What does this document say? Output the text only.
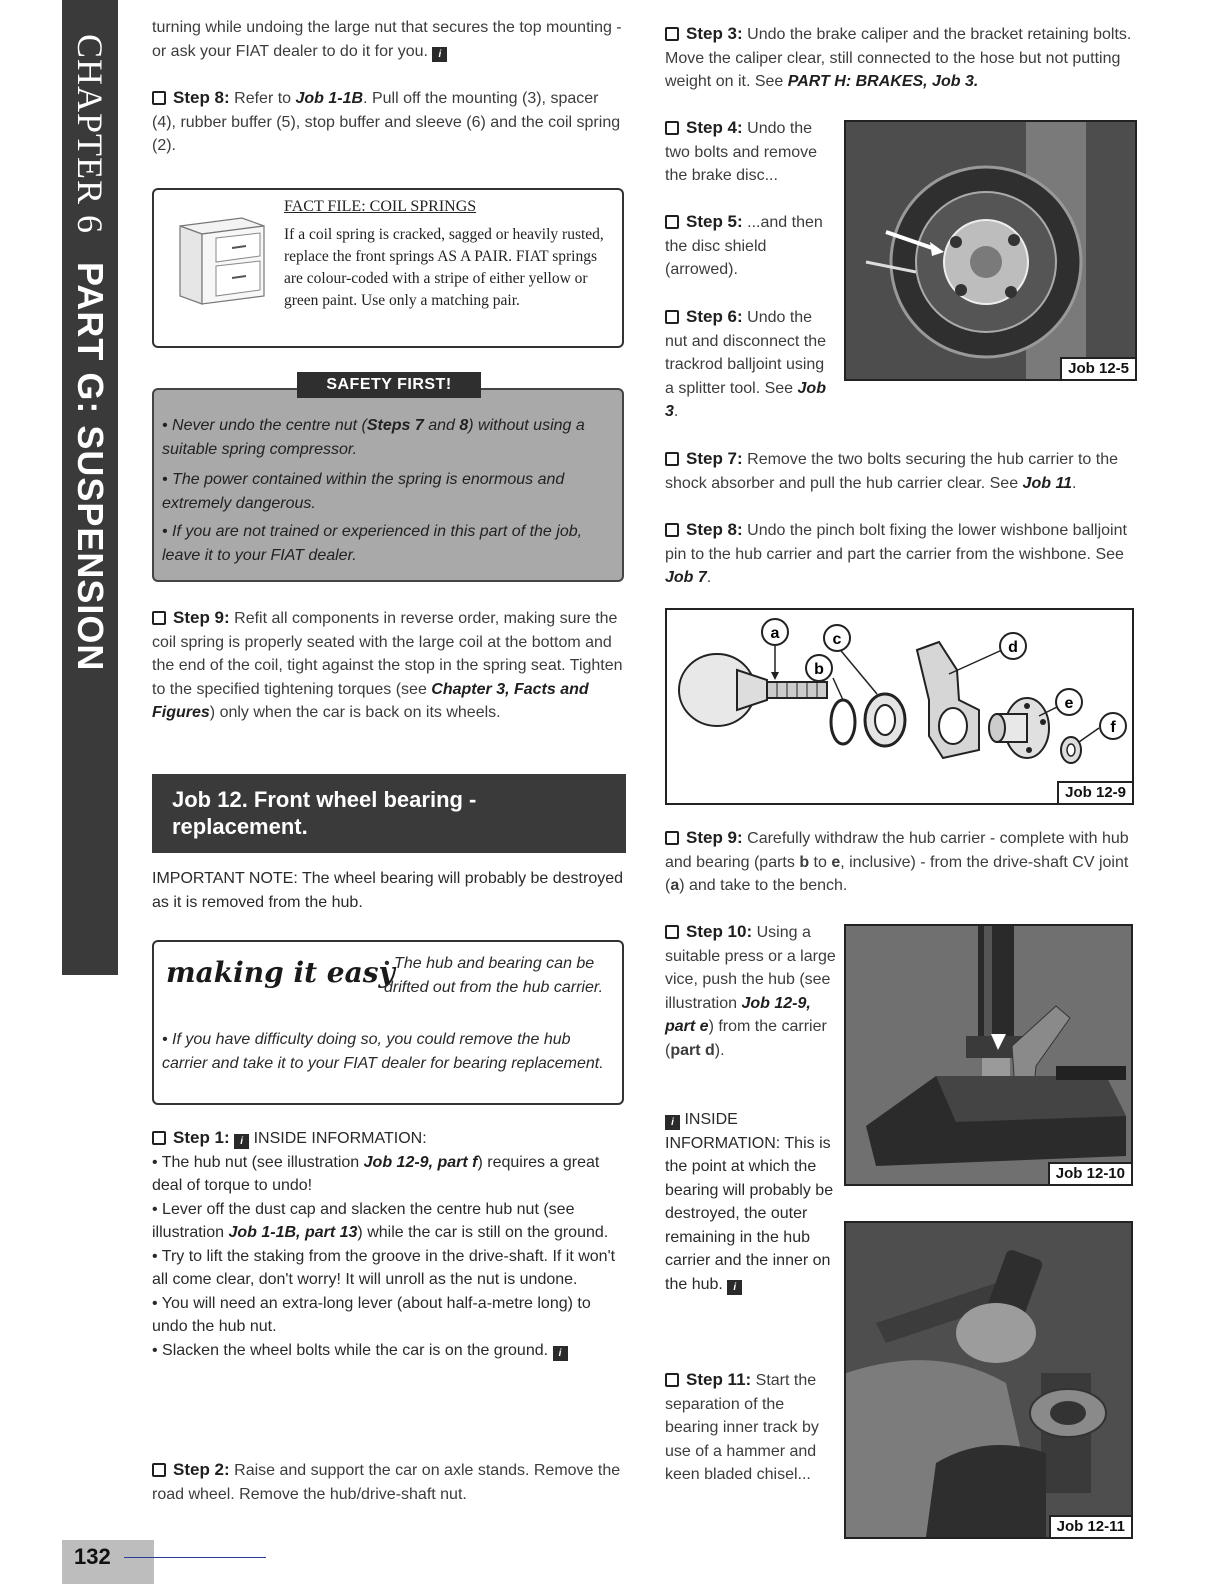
CHAPTER 6PART G: SUSPENSION
turning while undoing the large nut that secures the top mounting - or ask your FIAT dealer to do it for you. i
Step 8: Refer to Job 1-1B. Pull off the mounting (3), spacer (4), rubber buffer (5), stop buffer and sleeve (6) and the coil spring (2).
FACT FILE: COIL SPRINGS
If a coil spring is cracked, sagged or heavily rusted, replace the front springs AS A PAIR. FIAT springs are colour-coded with a stripe of either yellow or green paint. Use only a matching pair.
• Never undo the centre nut (Steps 7 and 8) without using a suitable spring compressor.
• The power contained within the spring is enormous and extremely dangerous.
• If you are not trained or experienced in this part of the job, leave it to your FIAT dealer.
SAFETY FIRST!
Step 9: Refit all components in reverse order, making sure the coil spring is properly seated with the large coil at the bottom and the end of the coil, tight against the stop in the spring seat. Tighten to the specified tightening torques (see Chapter 3, Facts and Figures) only when the car is back on its wheels.
Job 12. Front wheel bearing - replacement.
IMPORTANT NOTE: The wheel bearing will probably be destroyed as it is removed from the hub.
making it easy
• The hub and bearing can be drifted out from the hub carrier.
• If you have difficulty doing so, you could remove the hub carrier and take it to your FIAT dealer for bearing replacement.
Step 1: i INSIDE INFORMATION:
• The hub nut (see illustration Job 12-9, part f) requires a great deal of torque to undo!
• Lever off the dust cap and slacken the centre hub nut (see illustration Job 1-1B, part 13) while the car is still on the ground.
• Try to lift the staking from the groove in the drive-shaft. If it won't all come clear, don't worry! It will unroll as the nut is undone.
• You will need an extra-long lever (about half-a-metre long) to undo the hub nut.
• Slacken the wheel bolts while the car is on the ground. i
Step 2: Raise and support the car on axle stands. Remove the road wheel. Remove the hub/drive-shaft nut.
Step 3: Undo the brake caliper and the bracket retaining bolts. Move the caliper clear, still connected to the hose but not putting weight on it. See PART H: BRAKES, Job 3.
Step 4: Undo the two bolts and remove the brake disc...
Step 5: ...and then the disc shield (arrowed).
Step 6: Undo the nut and disconnect the trackrod balljoint using a splitter tool. See Job 3.
Job 12-5
Step 7: Remove the two bolts securing the hub carrier to the shock absorber and pull the hub carrier clear. See Job 11.
Step 8: Undo the pinch bolt fixing the lower wishbone balljoint pin to the hub carrier and part the carrier from the wishbone. See Job 7.
a
b
c	d
e
f
Job 12-9
Step 9: Carefully withdraw the hub carrier - complete with hub and bearing (parts b to e, inclusive) - from the drive-shaft CV joint (a) and take to the bench.
Step 10: Using a suitable press or a large vice, push the hub (see illustration Job 12-9, part e) from the carrier (part d).
i INSIDE INFORMATION: This is the point at which the bearing will probably be destroyed, the outer remaining in the hub carrier and the inner on the hub. i
Job 12-10
Step 11: Start the separation of the bearing inner track by use of a hammer and keen bladed chisel...
Job 12-11
132
